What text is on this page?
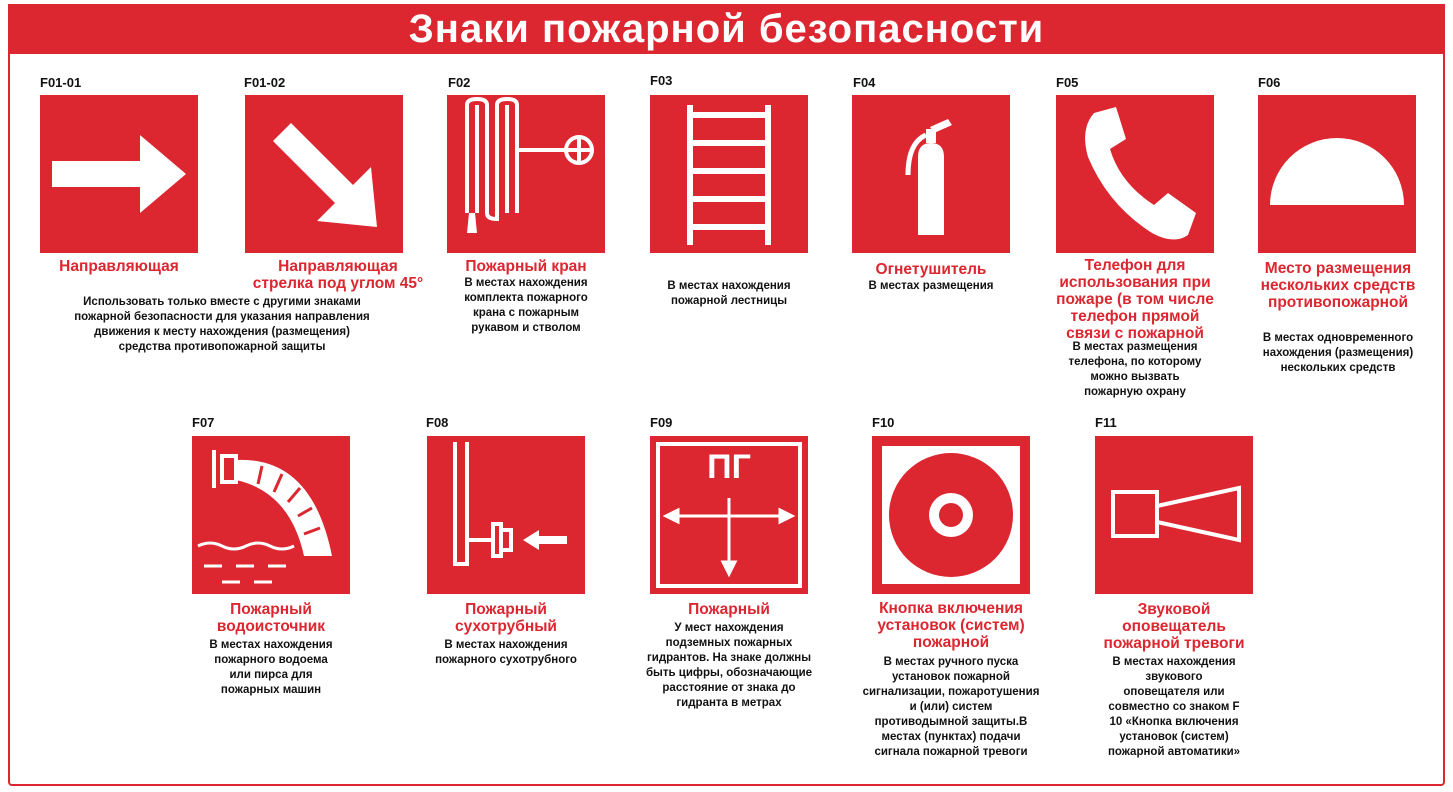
Знаки пожарной безопасности
F01-01
Направляющая
Использовать только вместе с другими знаками
пожарной безопасности для указания направления
движения к месту нахождения (размещения)
средства противопожарной защиты
F01-02
Направляющая
стрелка под углом 45°
F02
Пожарный кран
В местах нахождения
комплекта пожарного
крана с пожарным
рукавом и стволом
F03
В местах нахождения
пожарной лестницы
F04
Огнетушитель
В местах размещения
F05
Телефон для
использования при
пожаре (в том числе
телефон прямой
связи с пожарной
В местах размещения
телефона, по которому
можно вызвать
пожарную охрану
F06
Место размещения
нескольких средств
противопожарной
В местах одновременного
нахождения (размещения)
нескольких средств
F07
Пожарный
водоисточник
В местах нахождения
пожарного водоема
или пирса для
пожарных машин
F08
Пожарный
сухотрубный
В местах нахождения
пожарного сухотрубного
F09
ПГ
Пожарный
У мест нахождения
подземных пожарных
гидрантов. На знаке должны
быть цифры, обозначающие
расстояние от знака до
гидранта в метрах
F10
Кнопка включения
установок (систем)
пожарной
В местах ручного пуска
установок пожарной
сигнализации, пожаротушения
и (или) систем
противодымной защиты.В
местах (пунктах) подачи
сигнала пожарной тревоги
F11
Звуковой
оповещатель
пожарной тревоги
В местах нахождения
звукового
оповещателя или
совместно со знаком F
10 «Кнопка включения
установок (систем)
пожарной автоматики»
